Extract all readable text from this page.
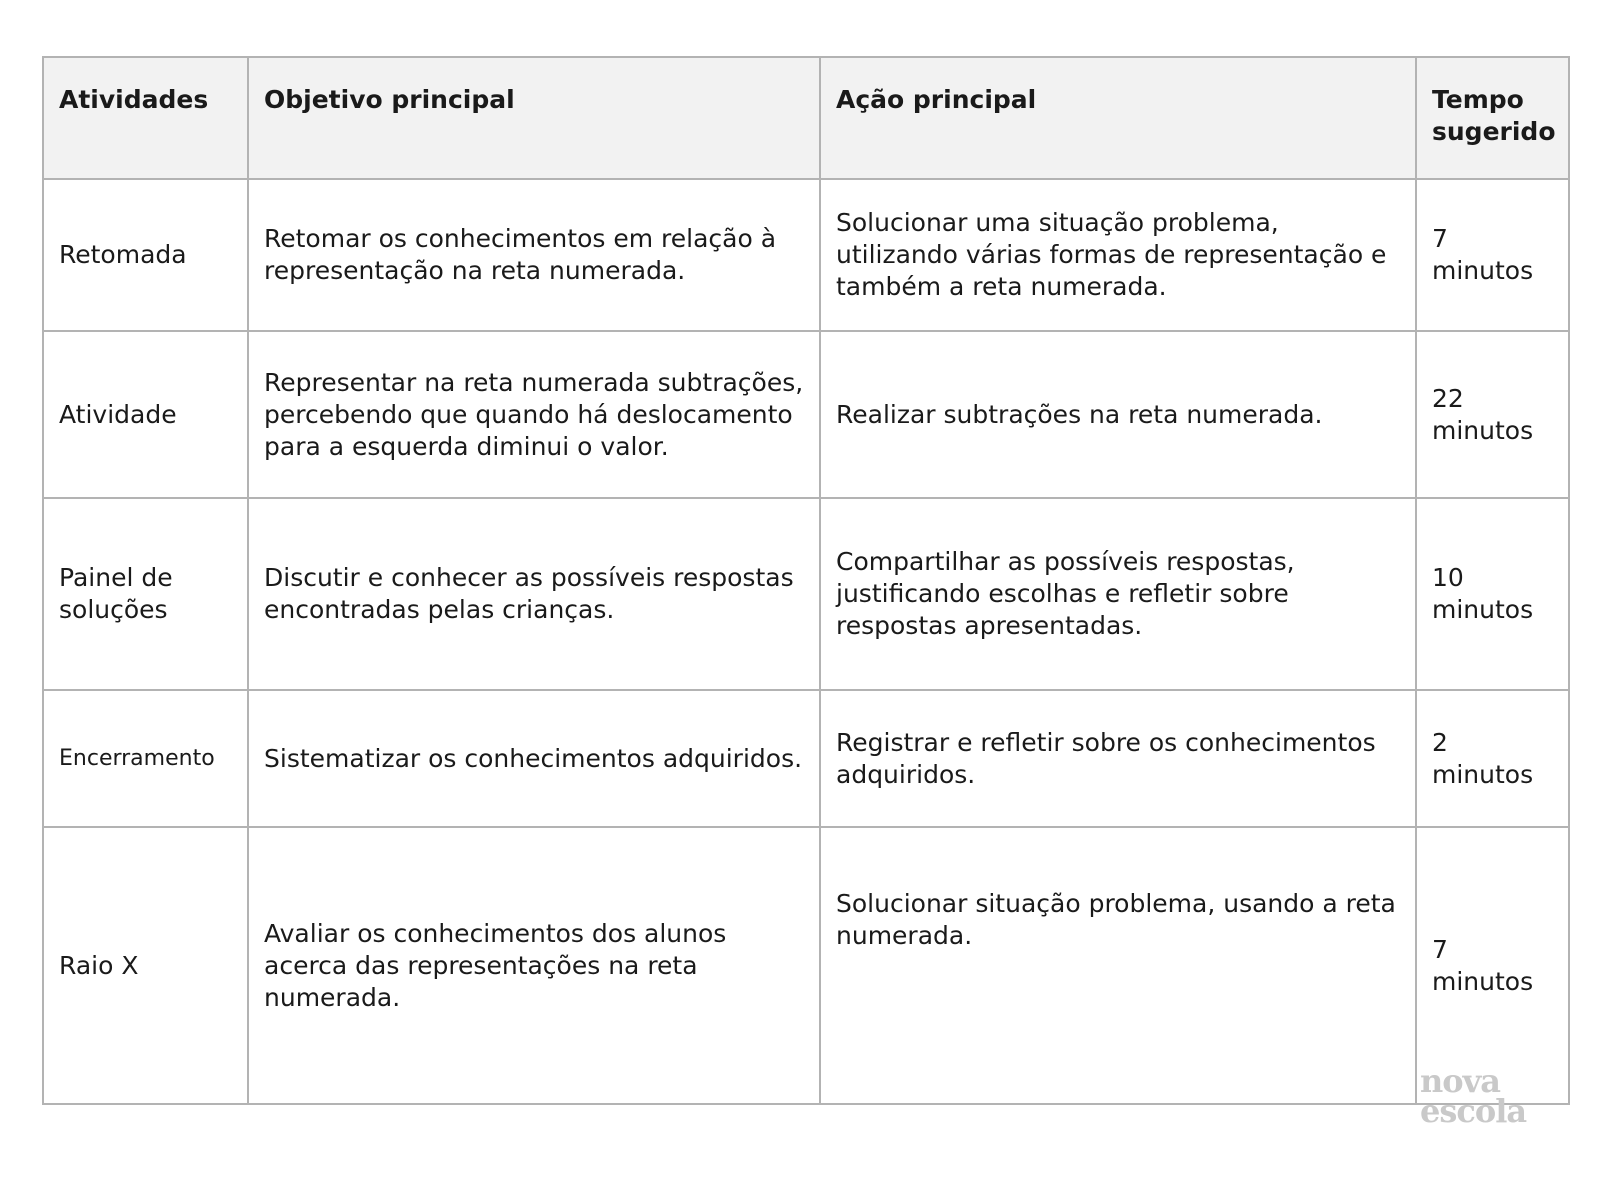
Atividades	Objetivo principal	Ação principal	Tempo
sugerido
Retomada	Retomar os conhecimentos em relação à
representação na reta numerada.	Solucionar uma situação problema,
utilizando várias formas de representação e
também a reta numerada.	7
minutos
Atividade	Representar na reta numerada subtrações,
percebendo que quando há deslocamento
para a esquerda diminui o valor.	Realizar subtrações na reta numerada.	22
minutos
Painel de
soluções	Discutir e conhecer as possíveis respostas
encontradas pelas crianças.	Compartilhar as possíveis respostas,
justificando escolhas e refletir sobre
respostas apresentadas.	10
minutos
Encerramento	Sistematizar os conhecimentos adquiridos.	Registrar e refletir sobre os conhecimentos
adquiridos.	2
minutos
Raio X	Avaliar os conhecimentos dos alunos
acerca das representações na reta
numerada.	Solucionar situação problema, usando a reta
numerada.	7
minutos
nova
escola
